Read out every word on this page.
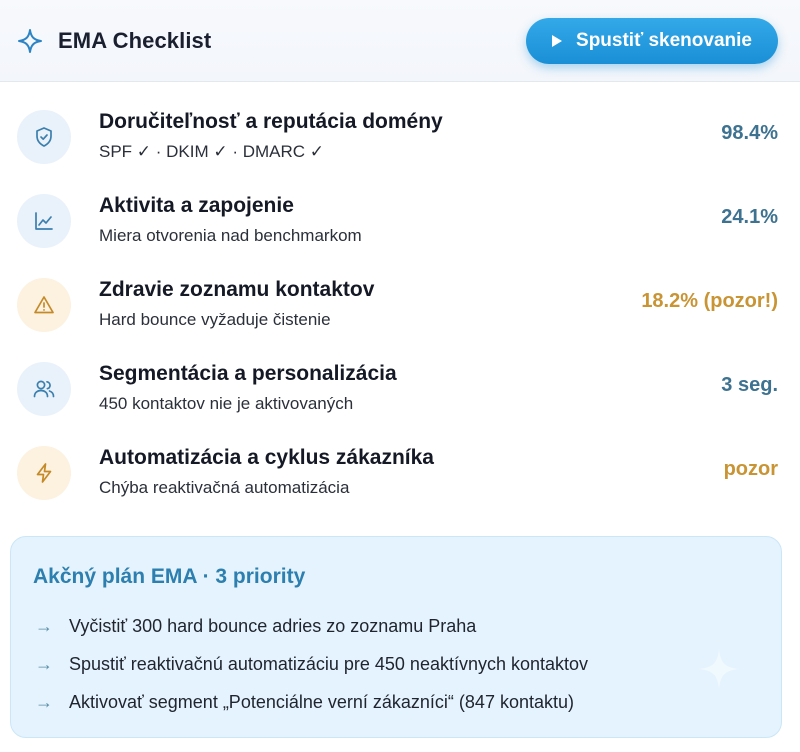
EMA Checklist	Spustiť skenovanie
Doručiteľnosť a reputácia domény
SPF ✓ · DKIM ✓ · DMARC ✓
98.4%
Aktivita a zapojenie
Miera otvorenia nad benchmarkom
24.1%
Zdravie zoznamu kontaktov
Hard bounce vyžaduje čistenie
18.2% (pozor!)
Segmentácia a personalizácia
450 kontaktov nie je aktivovaných
3 seg.
Automatizácia a cyklus zákazníka
Chýba reaktivačná automatizácia
pozor
Akčný plán EMA · 3 priority
→ Vyčistiť 300 hard bounce adries zo zoznamu Praha
→ Spustiť reaktivačnú automatizáciu pre 450 neaktívnych kontaktov
→ Aktivovať segment „Potenciálne verní zákazníci“ (847 kontaktu)
